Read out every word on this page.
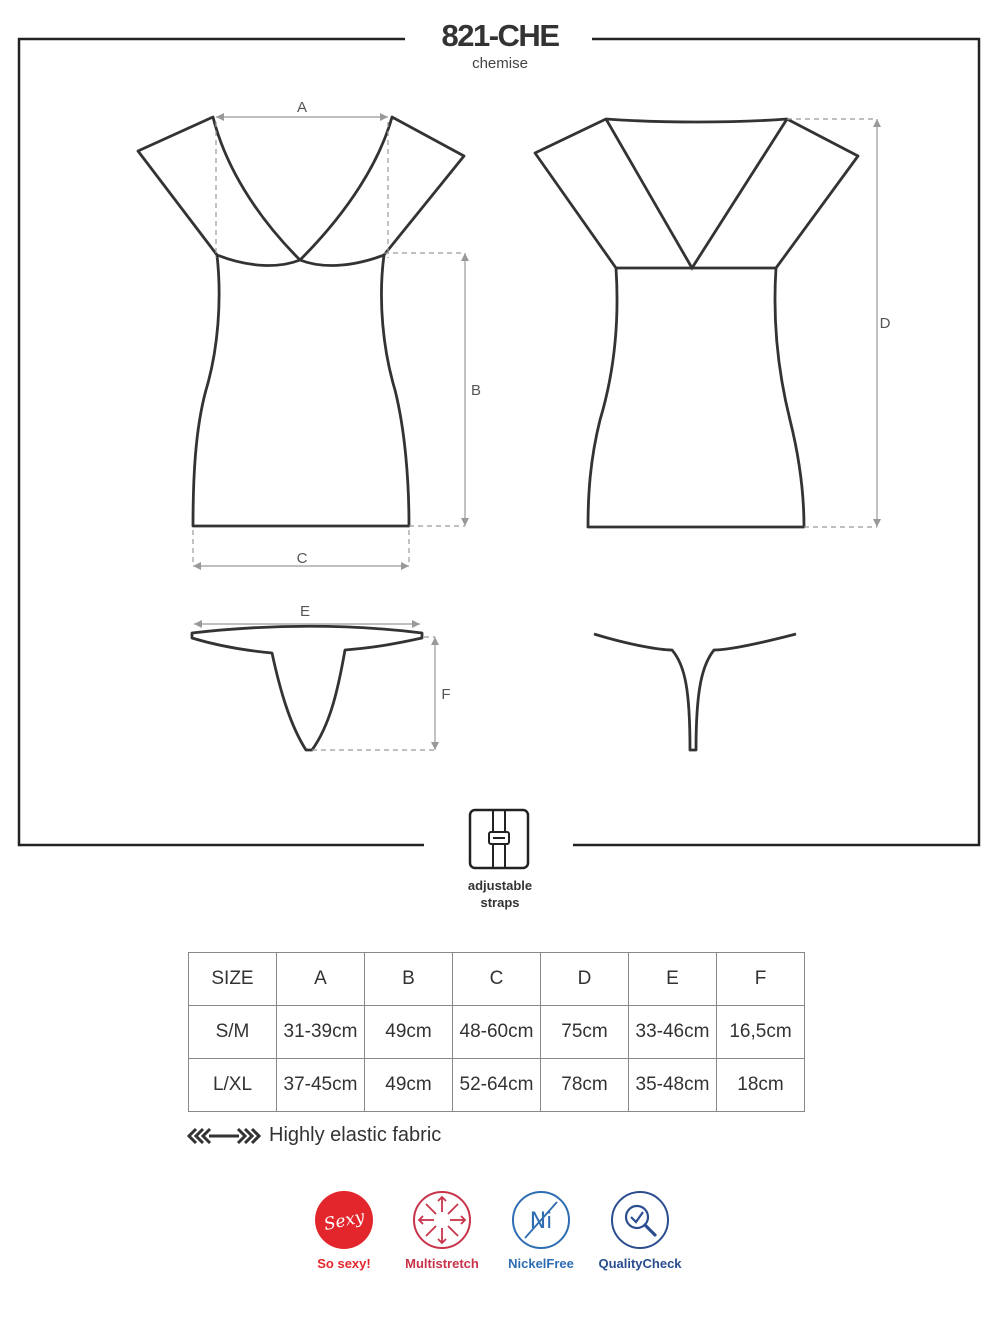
821-CHE
chemise
A
B
C
D
E
F
adjustable
straps
SIZE	A	B	C	D	E	F
S/M	31-39cm	49cm	48-60cm	75cm	33-46cm	16,5cm
L/XL	37-45cm	49cm	52-64cm	78cm	35-48cm	18cm
Highly elastic fabric
Sexy
So sexy!	Multistretch
Ni
NickelFree	QualityCheck
